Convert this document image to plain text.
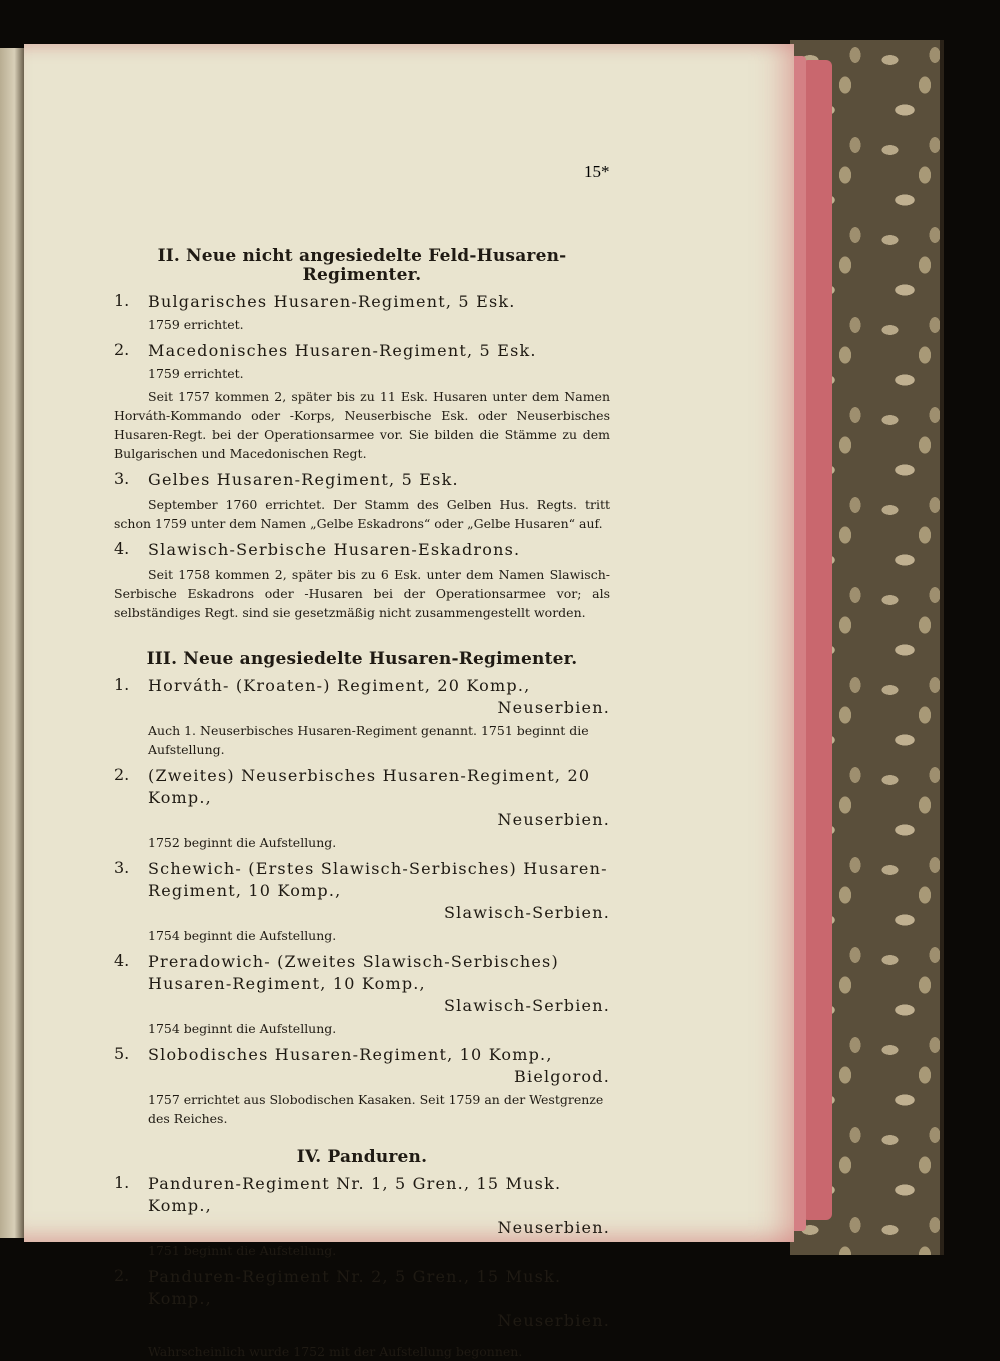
15*
II. Neue nicht angesiedelte Feld-Husaren-Regimenter.
1. Bulgarisches Husaren-Regiment, 5 Esk.
1759 errichtet.
2. Macedonisches Husaren-Regiment, 5 Esk.
1759 errichtet.
Seit 1757 kommen 2, später bis zu 11 Esk. Husaren unter dem Namen Horváth-Kommando oder -Korps, Neuserbische Esk. oder Neuserbisches Husaren-Regt. bei der Operationsarmee vor. Sie bilden die Stämme zu dem Bulgarischen und Macedonischen Regt.
3. Gelbes Husaren-Regiment, 5 Esk.
September 1760 errichtet. Der Stamm des Gelben Hus. Regts. tritt schon 1759 unter dem Namen „Gelbe Eskadrons“ oder „Gelbe Husaren“ auf.
4. Slawisch-Serbische Husaren-Eskadrons.
Seit 1758 kommen 2, später bis zu 6 Esk. unter dem Namen Slawisch-Serbische Eskadrons oder -Husaren bei der Operationsarmee vor; als selbständiges Regt. sind sie gesetzmäßig nicht zusammengestellt worden.
III. Neue angesiedelte Husaren-Regimenter.
1. Horváth- (Kroaten-) Regiment, 20 Komp.,
Neuserbien.
Auch 1. Neuserbisches Husaren-Regiment genannt. 1751 beginnt die Aufstellung.
2. (Zweites) Neuserbisches Husaren-Regiment, 20 Komp.,
Neuserbien.
1752 beginnt die Aufstellung.
3. Schewich- (Erstes Slawisch-Serbisches) Husaren-Regiment, 10 Komp.,
Slawisch-Serbien.
1754 beginnt die Aufstellung.
4. Preradowich- (Zweites Slawisch-Serbisches) Husaren-Regiment, 10 Komp.,
Slawisch-Serbien.
1754 beginnt die Aufstellung.
5. Slobodisches Husaren-Regiment, 10 Komp.,
Bielgorod.
1757 errichtet aus Slobodischen Kasaken. Seit 1759 an der Westgrenze des Reiches.
IV. Panduren.
1. Panduren-Regiment Nr. 1, 5 Gren., 15 Musk. Komp.,
Neuserbien.
1751 beginnt die Aufstellung.
2. Panduren-Regiment Nr. 2, 5 Gren., 15 Musk. Komp.,
Neuserbien.
Wahrscheinlich wurde 1752 mit der Aufstellung begonnen.
